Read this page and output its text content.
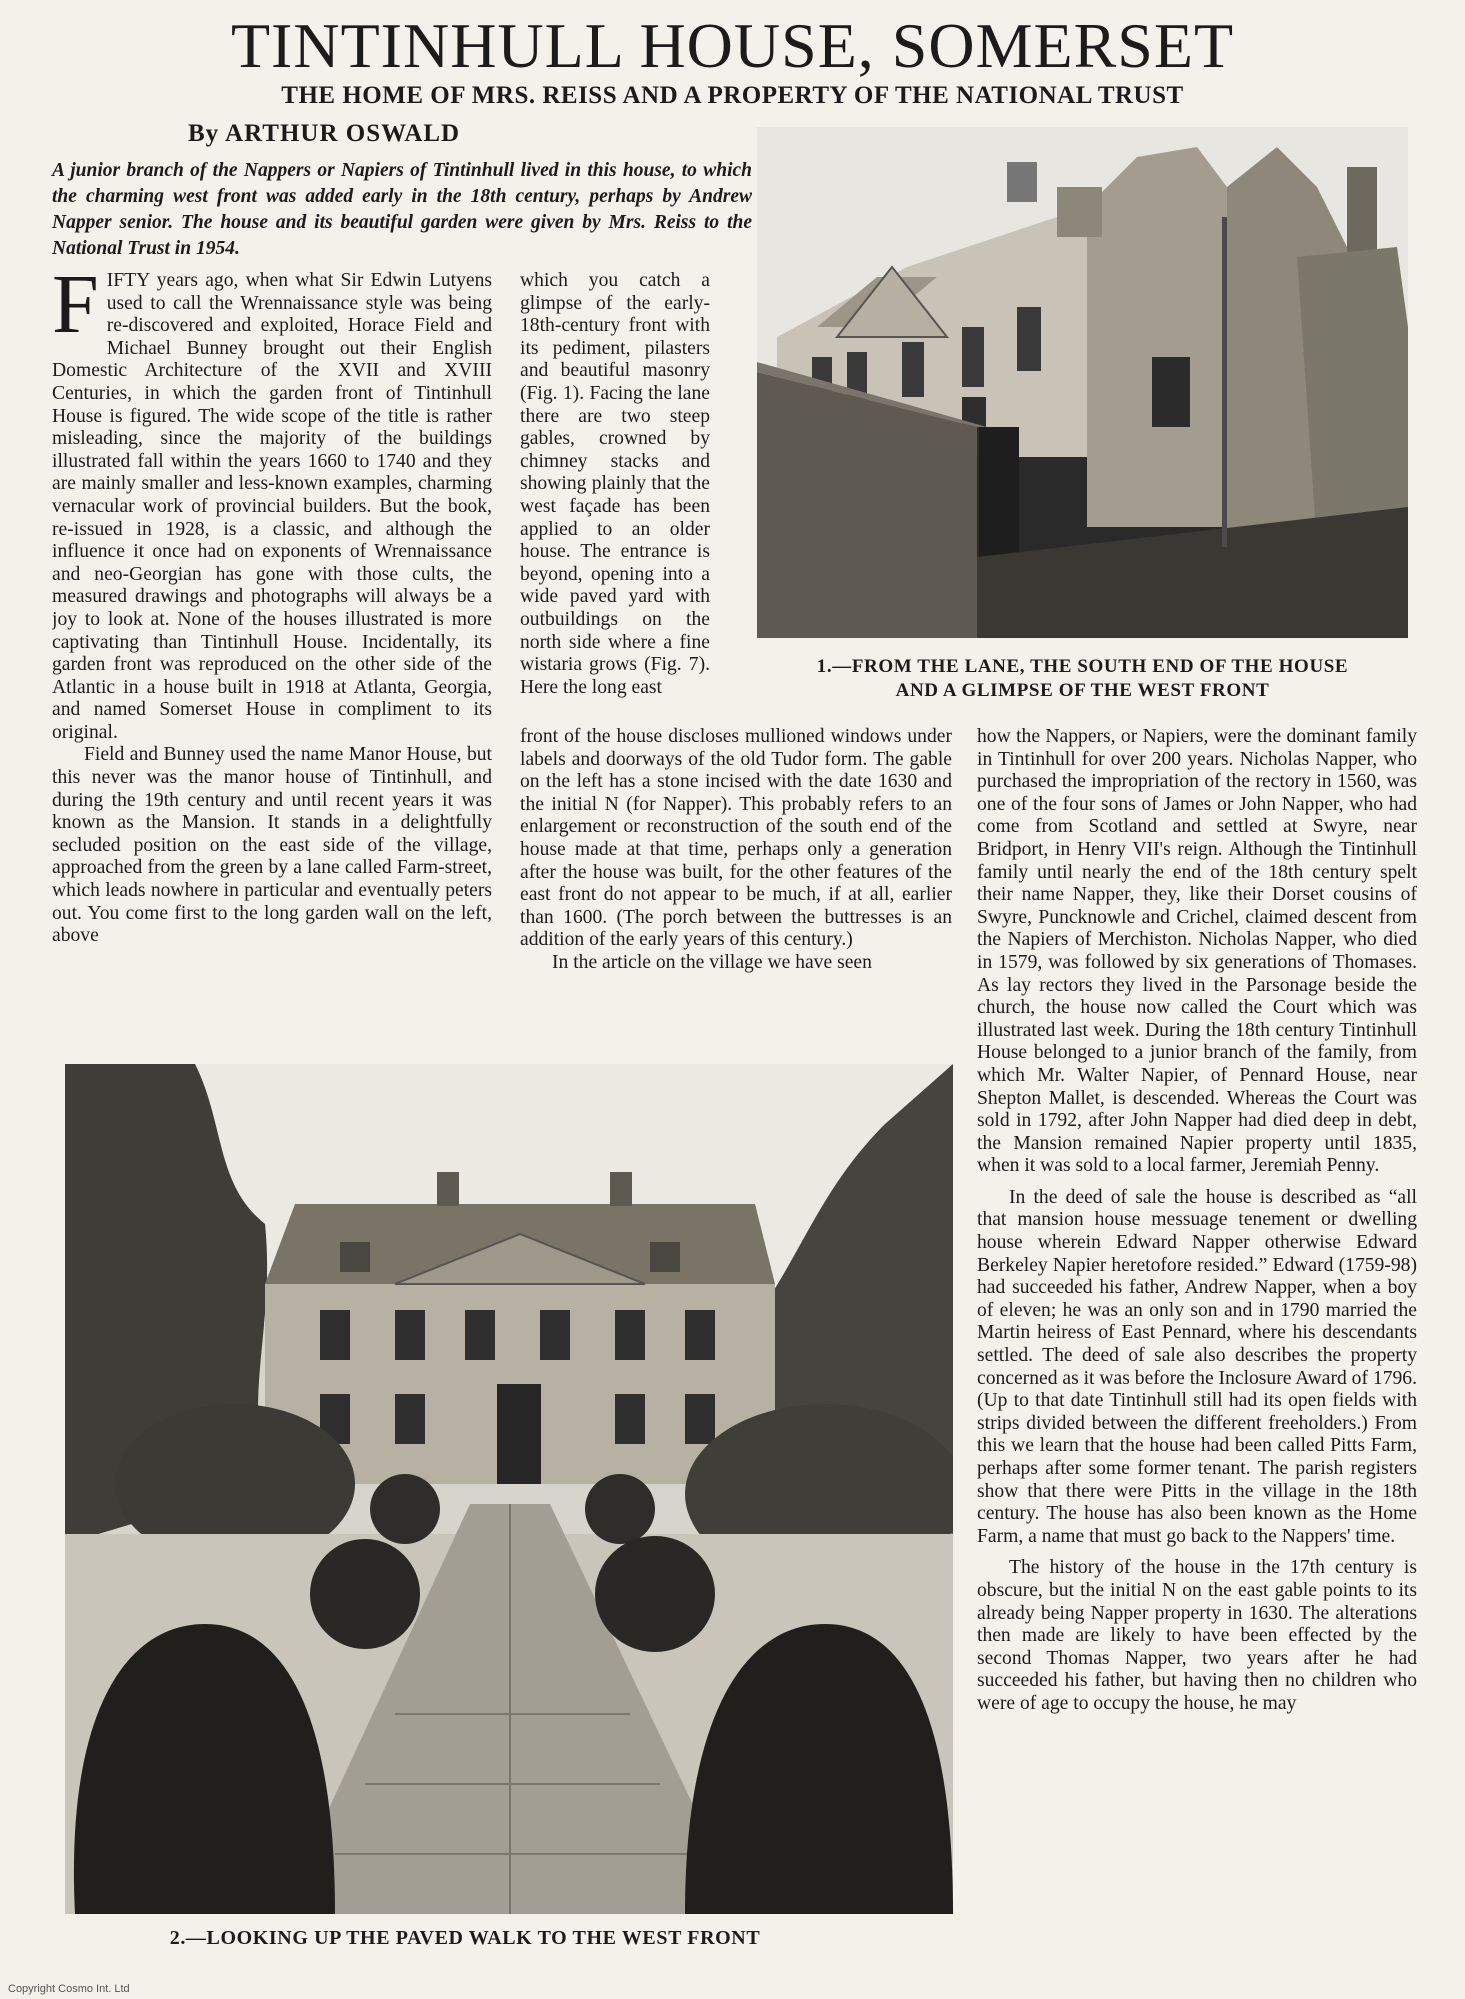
TINTINHULL HOUSE, SOMERSET
THE HOME OF MRS. REISS AND A PROPERTY OF THE NATIONAL TRUST
By ARTHUR OSWALD
A junior branch of the Nappers or Napiers of Tintinhull lived in this house, to which the charming west front was added early in the 18th century, perhaps by Andrew Napper senior. The house and its beautiful garden were given by Mrs. Reiss to the National Trust in 1954.

FIFTY years ago, when what Sir Edwin Lutyens used to call the Wrennaissance style was being re-discovered and exploited, Horace Field and Michael Bunney brought out their English Domestic Architecture of the XVII and XVIII Centuries, in which the garden front of Tintinhull House is figured. The wide scope of the title is rather misleading, since the majority of the buildings illustrated fall within the years 1660 to 1740 and they are mainly smaller and less-known examples, charming vernacular work of provincial builders. But the book, re-issued in 1928, is a classic, and although the influence it once had on exponents of Wrennaissance and neo-Georgian has gone with those cults, the measured drawings and photographs will always be a joy to look at. None of the houses illustrated is more captivating than Tintinhull House. Incidentally, its garden front was reproduced on the other side of the Atlantic in a house built in 1918 at Atlanta, Georgia, and named Somerset House in compliment to its original.

Field and Bunney used the name Manor House, but this never was the manor house of Tintinhull, and during the 19th century and until recent years it was known as the Mansion. It stands in a delightfully secluded position on the east side of the village, approached from the green by a lane called Farm-street, which leads nowhere in particular and eventually peters out. You come first to the long garden wall on the left, above

which you catch a glimpse of the early-18th-century front with its pediment, pilasters and beautiful masonry (Fig. 1). Facing the lane there are two steep gables, crowned by chimney stacks and showing plainly that the west façade has been applied to an older house. The entrance is beyond, opening into a wide paved yard with outbuildings on the north side where a fine wistaria grows (Fig. 7). Here the long east

front of the house discloses mullioned windows under labels and doorways of the old Tudor form. The gable on the left has a stone incised with the date 1630 and the initial N (for Napper). This probably refers to an enlargement or reconstruction of the south end of the house made at that time, perhaps only a generation after the house was built, for the other features of the east front do not appear to be much, if at all, earlier than 1600. (The porch between the buttresses is an addition of the early years of this century.)

In the article on the village we have seen

how the Nappers, or Napiers, were the dominant family in Tintinhull for over 200 years. Nicholas Napper, who purchased the impropriation of the rectory in 1560, was one of the four sons of James or John Napper, who had come from Scotland and settled at Swyre, near Bridport, in Henry VII's reign. Although the Tintinhull family until nearly the end of the 18th century spelt their name Napper, they, like their Dorset cousins of Swyre, Puncknowle and Crichel, claimed descent from the Napiers of Merchiston. Nicholas Napper, who died in 1579, was followed by six generations of Thomases. As lay rectors they lived in the Parsonage beside the church, the house now called the Court which was illustrated last week. During the 18th century Tintinhull House belonged to a junior branch of the family, from which Mr. Walter Napier, of Pennard House, near Shepton Mallet, is descended. Whereas the Court was sold in 1792, after John Napper had died deep in debt, the Mansion remained Napier property until 1835, when it was sold to a local farmer, Jeremiah Penny.

In the deed of sale the house is described as “all that mansion house messuage tenement or dwelling house wherein Edward Napper otherwise Edward Berkeley Napier heretofore resided.” Edward (1759-98) had succeeded his father, Andrew Napper, when a boy of eleven; he was an only son and in 1790 married the Martin heiress of East Pennard, where his descendants settled. The deed of sale also describes the property concerned as it was before the Inclosure Award of 1796. (Up to that date Tintinhull still had its open fields with strips divided between the different freeholders.) From this we learn that the house had been called Pitts Farm, perhaps after some former tenant. The parish registers show that there were Pitts in the village in the 18th century. The house has also been known as the Home Farm, a name that must go back to the Nappers' time.

The history of the house in the 17th century is obscure, but the initial N on the east gable points to its already being Napper property in 1630. The alterations then made are likely to have been effected by the second Thomas Napper, two years after he had succeeded his father, but having then no children who were of age to occupy the house, he may

1.—FROM THE LANE, THE SOUTH END OF THE HOUSE
AND A GLIMPSE OF THE WEST FRONT
2.—LOOKING UP THE PAVED WALK TO THE WEST FRONT
Copyright Cosmo Int. Ltd
